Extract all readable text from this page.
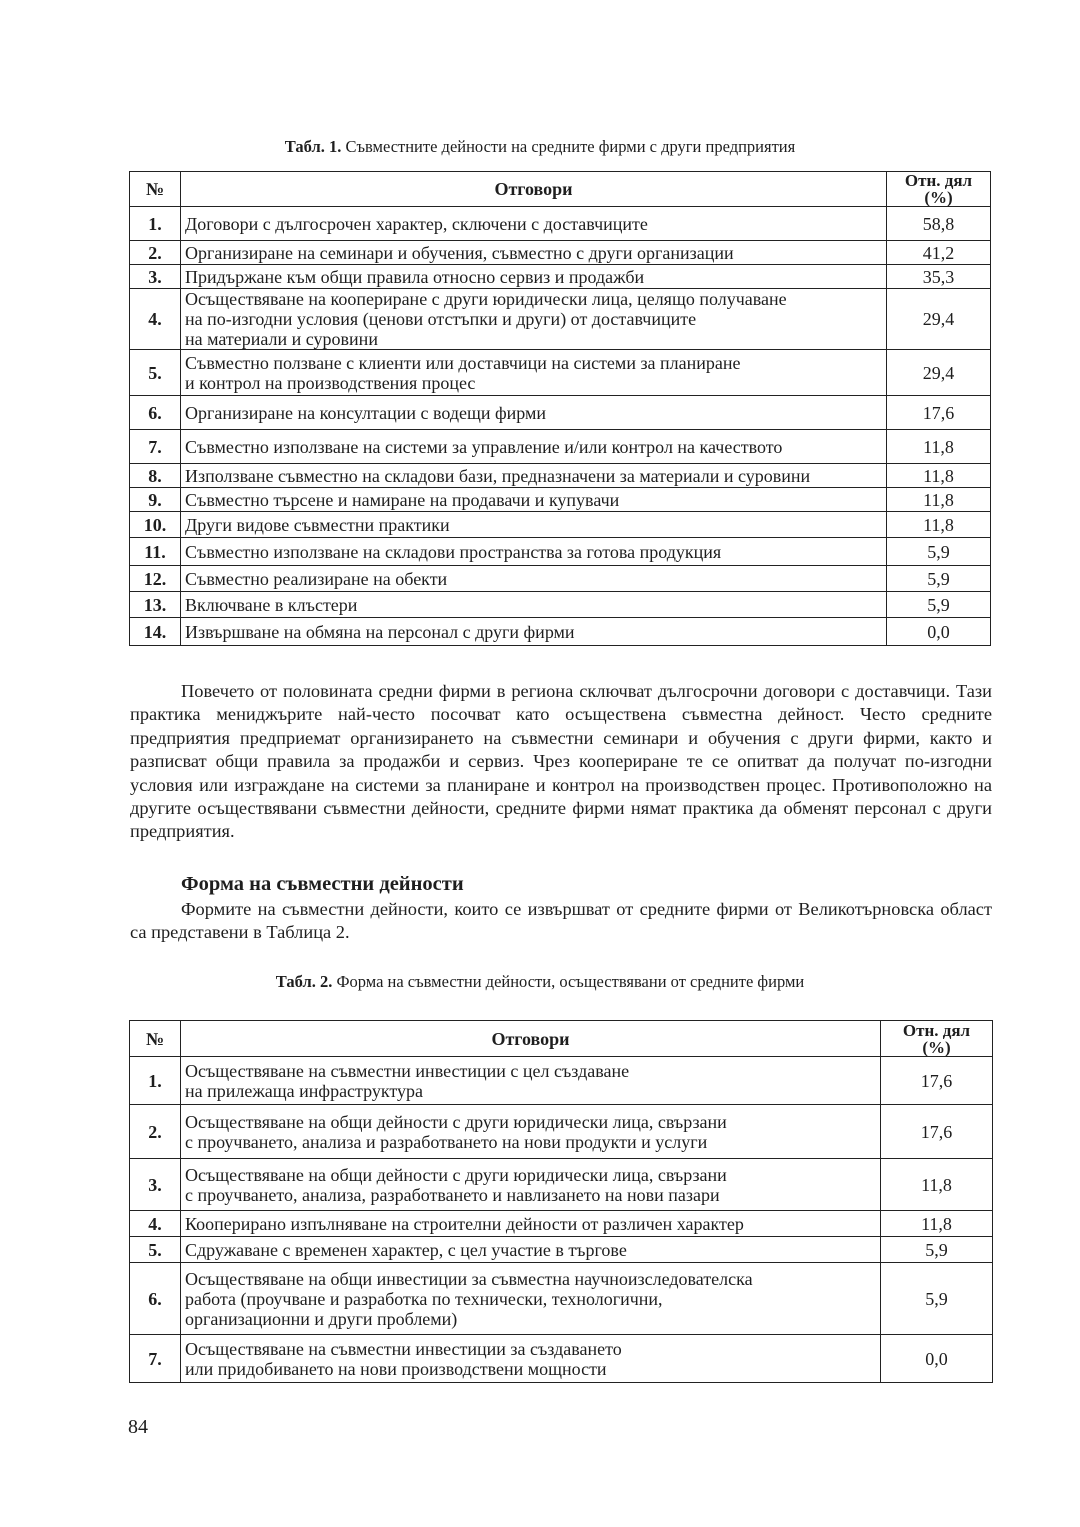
Табл. 1. Съвместните дейности на средните фирми с други предприятия
№	Отговори	Отн. дял
(%)

1.	Договори с дългосрочен характер, сключени с доставчиците	58,8
2.	Организиране на семинари и обучения, съвместно с други организации	41,2
3.	Придържане към общи правила относно сервиз и продажби	35,3
4.	Осъществяване на коопериране с други юридически лица, целящо получаване
на по-изгодни условия (ценови отстъпки и други) от доставчиците
на материали и суровини	29,4
5.	Съвместно ползване с клиенти или доставчици на системи за планиране
и контрол на производствения процес	29,4
6.	Организиране на консултации с водещи фирми	17,6
7.	Съвместно използване на системи за управление и/или контрол на качеството	11,8
8.	Използване съвместно на складови бази, предназначени за материали и суровини	11,8
9.	Съвместно търсене и намиране на продавачи и купувачи	11,8
10.	Други видове съвместни практики	11,8
11.	Съвместно използване на складови пространства за готова продукция	5,9
12.	Съвместно реализиране на обекти	5,9
13.	Включване в клъстери	5,9
14.	Извършване на обмяна на персонал с други фирми	0,0

Повечето от половината средни фирми в региона сключват дългосрочни договори с доставчици. Тази практика мениджърите най-често посочват като осъществена съвместна дейност. Често средните предприятия предприемат организирането на съвместни семинари и обучения с други фирми, както и разписват общи правила за продажби и сервиз. Чрез коопериране те се опитват да получат по-изгодни условия или изграждане на системи за планиране и контрол на производствен процес. Противоположно на другите осъществявани съвместни дейности, средните фирми нямат практика да обменят персонал с други предприятия.

Форма на съвместни дейности

Формите на съвместни дейности, които се извършват от средните фирми от Великотърновска област са представени в Таблица 2.

Табл. 2. Форма на съвместни дейности, осъществявани от средните фирми
№	Отговори	Отн. дял
(%)

1.	Осъществяване на съвместни инвестиции с цел създаване
на прилежаща инфраструктура	17,6
2.	Осъществяване на общи дейности с други юридически лица, свързани
с проучването, анализа и разработването на нови продукти и услуги	17,6
3.	Осъществяване на общи дейности с други юридически лица, свързани
с проучването, анализа, разработването и навлизането на нови пазари	11,8
4.	Кооперирано изпълняване на строителни дейности от различен характер	11,8
5.	Сдружаване с временен характер, с цел участие в търгове	5,9
6.	Осъществяване на общи инвестиции за съвместна научноизследователска
работа (проучване и разработка по технически, технологични,
организационни и други проблеми)	5,9
7.	Осъществяване на съвместни инвестиции за създаването
или придобиването на нови производствени мощности	0,0
84
